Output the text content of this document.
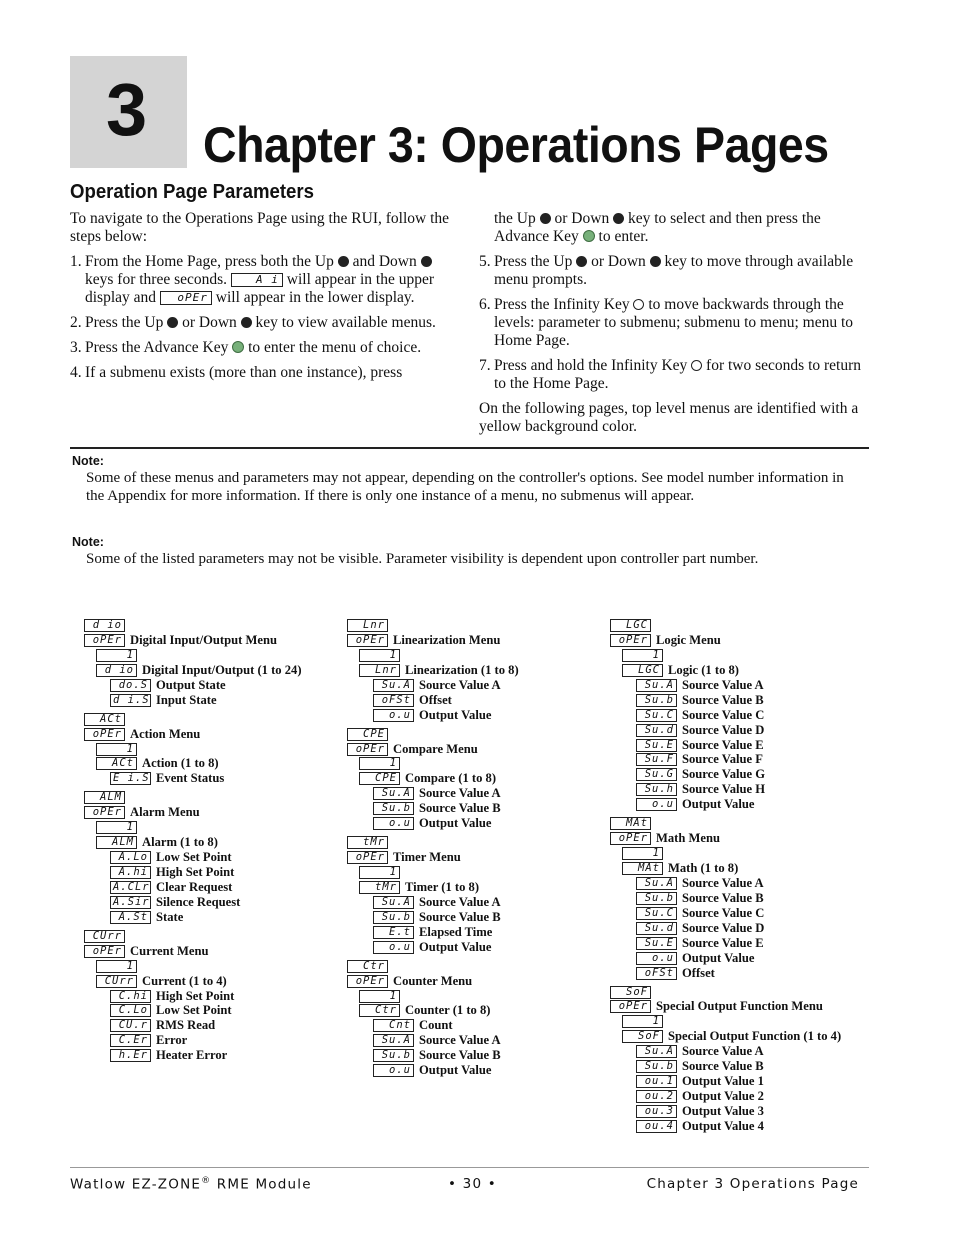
3 Chapter 3: Operations Pages
Operation Page Parameters

To navigate to the Operations Page using the RUI, follow the steps below:

1. From the Home Page, press both the Up and Down  keys for three seconds.	A i will appear in the upper display and oPEr will appear in the lower display.
2. Press the Up or Down key to view available menus.
3. Press the Advance Key to enter the menu of choice.
4. If a submenu exists (more than one instance), press
the Up or Down key to select and then press the Advance Key to enter.
5. Press the Up or Down key to move through available menu prompts.
6. Press the Infinity Key to move backwards through the levels: parameter to submenu; submenu to menu; menu to Home Page.
7. Press and hold the Infinity Key for two seconds to return to the Home Page.

On the following pages, top level menus are identified with a yellow background color.

Note:

Some of these menus and parameters may not appear, depending on the controller's options. See model number information in the Appendix for more information. If there is only one instance of a menu, no submenus will appear.

Note:

Some of the listed parameters may not be visible. Parameter visibility is dependent upon controller part number.

d io
oPEr Digital Input/Output Menu
1
d io Digital Input/Output (1 to 24)
do.S Output State
d i.S Input State
ACt
oPEr Action Menu
1
ACt Action (1 to 8)
E i.S Event Status
ALM
oPEr Alarm Menu
1
ALM Alarm (1 to 8)
A.Lo Low Set Point
A.hi High Set Point
A.CLr Clear Request
A.Sir Silence Request
A.St State
CUrr
oPEr Current Menu
1
CUrr Current (1 to 4)
C.hi High Set Point
C.Lo Low Set Point
CU.r RMS Read
C.Er Error
h.Er Heater Error
Lnr
oPEr Linearization Menu
1
Lnr Linearization (1 to 8)
Su.A Source Value A
oFSt Offset
o.u Output Value
CPE
oPEr Compare Menu
1
CPE Compare (1 to 8)
Su.A Source Value A
Su.b Source Value B
o.u Output Value
tMr
oPEr Timer Menu
1
tMr Timer (1 to 8)
Su.A Source Value A
Su.b Source Value B
E.t Elapsed Time
o.u Output Value
Ctr
oPEr Counter Menu
1
Ctr Counter (1 to 8)
Cnt Count
Su.A Source Value A
Su.b Source Value B
o.u Output Value
LGC
oPEr Logic Menu
1
LGC Logic (1 to 8)
Su.A Source Value A
Su.b Source Value B
Su.C Source Value C
Su.d Source Value D
Su.E Source Value E
Su.F Source Value F
Su.G Source Value G
Su.h Source Value H
o.u Output Value
MAt
oPEr Math Menu
1
MAt Math (1 to 8)
Su.A Source Value A
Su.b Source Value B
Su.C Source Value C
Su.d Source Value D
Su.E Source Value E
o.u Output Value
oFSt Offset
SoF
oPEr Special Output Function Menu
1
SoF Special Output Function (1 to 4)
Su.A Source Value A
Su.b Source Value B
ou.1 Output Value 1
ou.2 Output Value 2
ou.3 Output Value 3
ou.4 Output Value 4
Watlow EZ-ZONE® RME Module	• 30 •	Chapter 3 Operations Page
